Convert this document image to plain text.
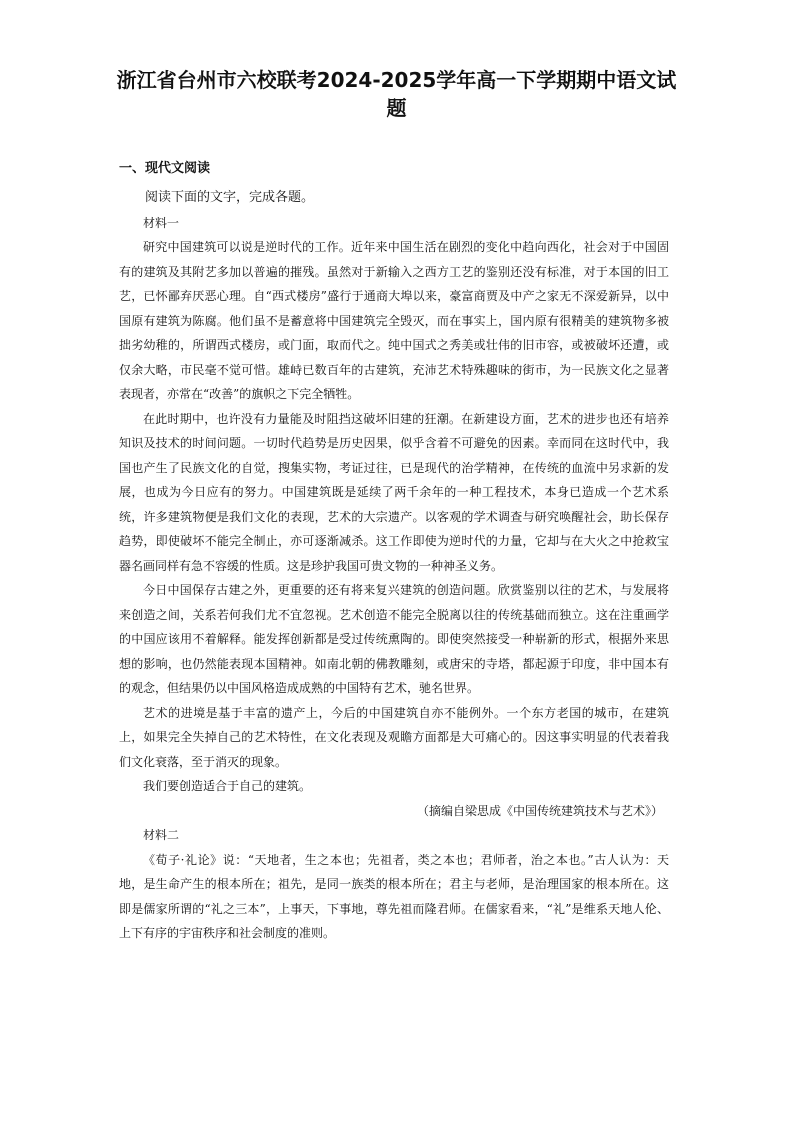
浙江省台州市六校联考2024-2025学年高一下学期期中语文试题
一、现代文阅读

阅读下面的文字，完成各题。

材料一

研究中国建筑可以说是逆时代的工作。近年来中国生活在剧烈的变化中趋向西化，社会对于中国固有的建筑及其附艺多加以普遍的摧残。虽然对于新输入之西方工艺的鉴别还没有标准，对于本国的旧工艺，已怀鄙弃厌恶心理。自“西式楼房”盛行于通商大埠以来，豪富商贾及中产之家无不深爱新异，以中国原有建筑为陈腐。他们虽不是蓄意将中国建筑完全毁灭，而在事实上，国内原有很精美的建筑物多被拙劣幼稚的，所谓西式楼房，或门面，取而代之。纯中国式之秀美或壮伟的旧市容，或被破坏还遭，或仅余大略，市民毫不觉可惜。雄峙已数百年的古建筑，充沛艺术特殊趣味的街市，为一民族文化之显著表现者，亦常在“改善”的旗帜之下完全牺牲。

在此时期中，也许没有力量能及时阻挡这破坏旧建的狂潮。在新建设方面，艺术的进步也还有培养知识及技术的时间问题。一切时代趋势是历史因果，似乎含着不可避免的因素。幸而同在这时代中，我国也产生了民族文化的自觉，搜集实物，考证过往，已是现代的治学精神，在传统的血流中另求新的发展，也成为今日应有的努力。中国建筑既是延续了两千余年的一种工程技术，本身已造成一个艺术系统，许多建筑物便是我们文化的表现，艺术的大宗遗产。以客观的学术调查与研究唤醒社会，助长保存趋势，即使破坏不能完全制止，亦可逐渐减杀。这工作即使为逆时代的力量，它却与在大火之中抢救宝器名画同样有急不容缓的性质。这是珍护我国可贵文物的一种神圣义务。

今日中国保存古建之外，更重要的还有将来复兴建筑的创造问题。欣赏鉴别以往的艺术，与发展将来创造之间，关系若何我们尤不宜忽视。艺术创造不能完全脱离以往的传统基础而独立。这在注重画学的中国应该用不着解释。能发挥创新都是受过传统熏陶的。即使突然接受一种崭新的形式，根据外来思想的影响，也仍然能表现本国精神。如南北朝的佛教雕刻，或唐宋的寺塔，都起源于印度，非中国本有的观念，但结果仍以中国风格造成成熟的中国特有艺术，驰名世界。

艺术的进境是基于丰富的遗产上，今后的中国建筑自亦不能例外。一个东方老国的城市，在建筑上，如果完全失掉自己的艺术特性，在文化表现及观瞻方面都是大可痛心的。因这事实明显的代表着我们文化衰落，至于消灭的现象。

我们要创造适合于自己的建筑。

（摘编自梁思成《中国传统建筑技术与艺术》）

材料二

《荀子·礼论》说：“天地者，生之本也；先祖者，类之本也；君师者，治之本也。”古人认为：天地，是生命产生的根本所在；祖先，是同一族类的根本所在；君主与老师，是治理国家的根本所在。这即是儒家所谓的“礼之三本”，上事天，下事地，尊先祖而隆君师。在儒家看来，“礼”是维系天地人伦、上下有序的宇宙秩序和社会制度的准则。
